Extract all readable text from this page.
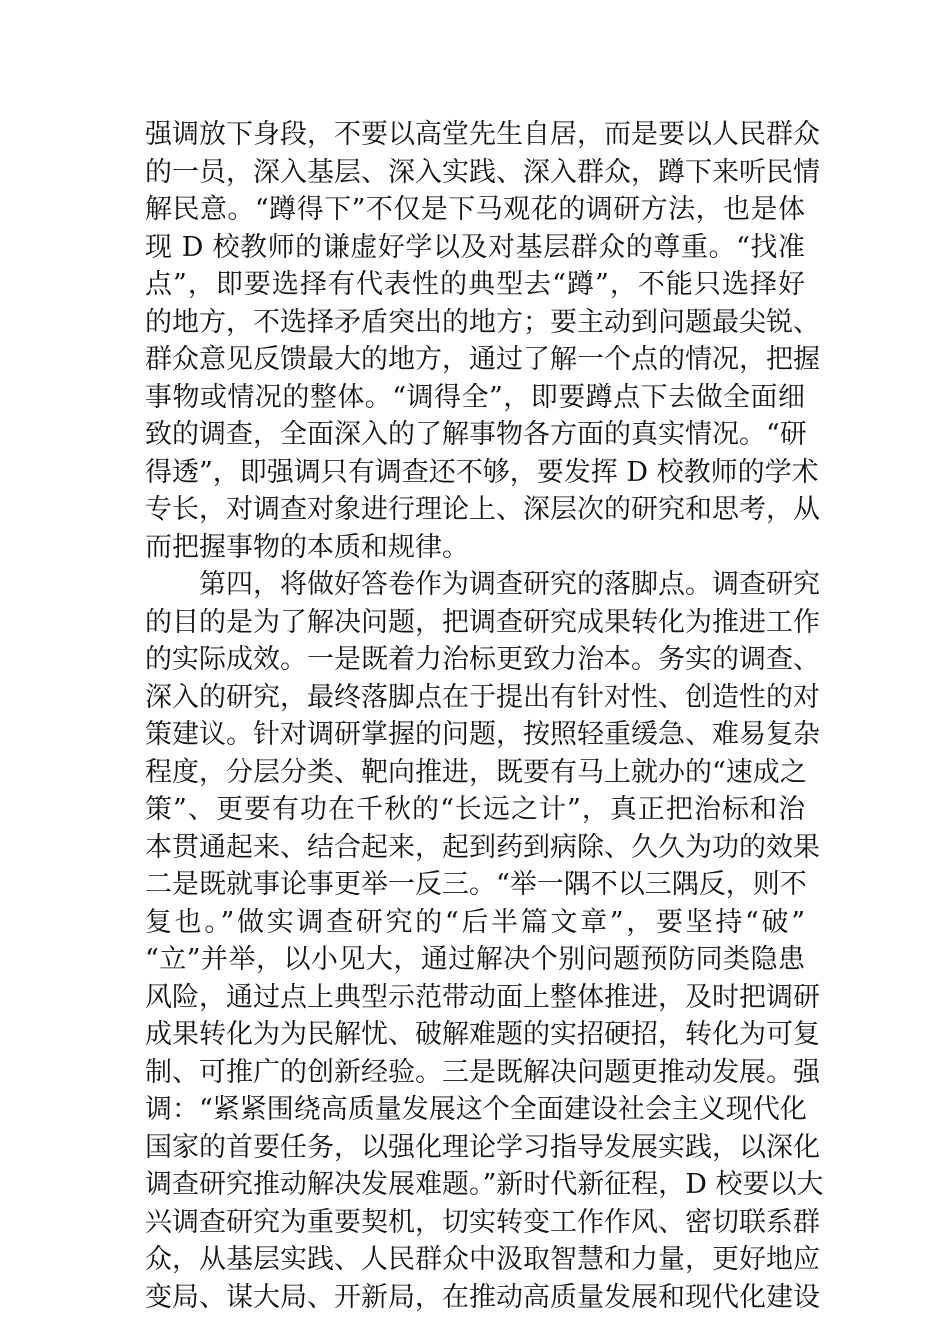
强调放下身段，不要以高堂先生自居，而是要以人民群众
的一员，深入基层、深入实践、深入群众，蹲下来听民情
解民意。“蹲得下”不仅是下马观花的调研方法，也是体
现 D 校教师的谦虚好学以及对基层群众的尊重。“找准
点”，即要选择有代表性的典型去“蹲”，不能只选择好
的地方，不选择矛盾突出的地方；要主动到问题最尖锐、
群众意见反馈最大的地方，通过了解一个点的情况，把握
事物或情况的整体。“调得全”，即要蹲点下去做全面细
致的调查，全面深入的了解事物各方面的真实情况。“研
得透”，即强调只有调查还不够，要发挥 D 校教师的学术
专长，对调查对象进行理论上、深层次的研究和思考，从
而把握事物的本质和规律。
第四，将做好答卷作为调查研究的落脚点。调查研究
的目的是为了解决问题，把调查研究成果转化为推进工作
的实际成效。一是既着力治标更致力治本。务实的调查、
深入的研究，最终落脚点在于提出有针对性、创造性的对
策建议。针对调研掌握的问题，按照轻重缓急、难易复杂
程度，分层分类、靶向推进，既要有马上就办的“速成之
策”、更要有功在千秋的“长远之计”，真正把治标和治
本贯通起来、结合起来，起到药到病除、久久为功的效果
二是既就事论事更举一反三。“举一隅不以三隅反，则不
复也。”做实调查研究的“后半篇文章”，要坚持“破”
“立”并举，以小见大，通过解决个别问题预防同类隐患
风险，通过点上典型示范带动面上整体推进，及时把调研
成果转化为为民解忧、破解难题的实招硬招，转化为可复
制、可推广的创新经验。三是既解决问题更推动发展。强
调：“紧紧围绕高质量发展这个全面建设社会主义现代化
国家的首要任务，以强化理论学习指导发展实践，以深化
调查研究推动解决发展难题。”新时代新征程，D 校要以大
兴调查研究为重要契机，切实转变工作作风、密切联系群
众，从基层实践、人民群众中汲取智慧和力量，更好地应
变局、谋大局、开新局，在推动高质量发展和现代化建设
